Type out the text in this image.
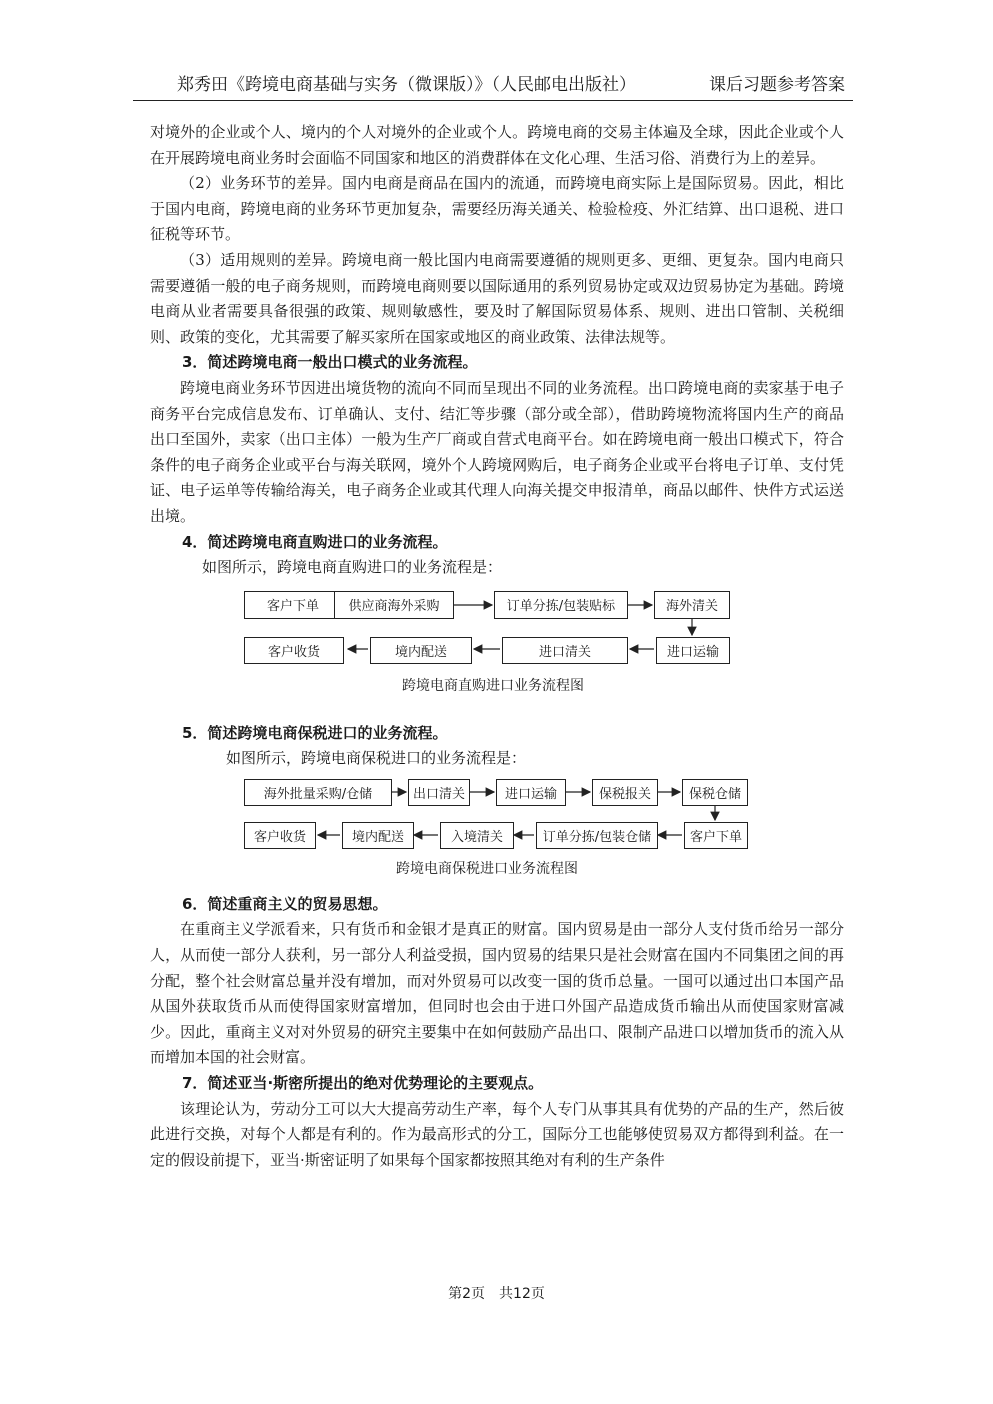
郑秀田《跨境电商基础与实务（微课版）》（人民邮电出版社）	课后习题参考答案

对境外的企业或个人、境内的个人对境外的企业或个人。跨境电商的交易主体遍及全球，因此企业或个人在开展跨境电商业务时会面临不同国家和地区的消费群体在文化心理、生活习俗、消费行为上的差异。

（2）业务环节的差异。国内电商是商品在国内的流通，而跨境电商实际上是国际贸易。因此，相比于国内电商，跨境电商的业务环节更加复杂，需要经历海关通关、检验检疫、外汇结算、出口退税、进口征税等环节。

（3）适用规则的差异。跨境电商一般比国内电商需要遵循的规则更多、更细、更复杂。国内电商只需要遵循一般的电子商务规则，而跨境电商则要以国际通用的系列贸易协定或双边贸易协定为基础。跨境电商从业者需要具备很强的政策、规则敏感性，要及时了解国际贸易体系、规则、进出口管制、关税细则、政策的变化，尤其需要了解买家所在国家或地区的商业政策、法律法规等。

3．简述跨境电商一般出口模式的业务流程。

跨境电商业务环节因进出境货物的流向不同而呈现出不同的业务流程。出口跨境电商的卖家基于电子商务平台完成信息发布、订单确认、支付、结汇等步骤（部分或全部），借助跨境物流将国内生产的商品出口至国外，卖家（出口主体）一般为生产厂商或自营式电商平台。如在跨境电商一般出口模式下，符合条件的电子商务企业或平台与海关联网，境外个人跨境网购后，电子商务企业或平台将电子订单、支付凭证、电子运单等传输给海关，电子商务企业或其代理人向海关提交申报清单，商品以邮件、快件方式运送出境。

4．简述跨境电商直购进口的业务流程。

如图所示，跨境电商直购进口的业务流程是：

客户下单	供应商海外采购	订单分拣/包装贴标	海外清关
客户收货	境内配送	进口清关	进口运输
跨境电商直购进口业务流程图

5．简述跨境电商保税进口的业务流程。

如图所示，跨境电商保税进口的业务流程是：

海外批量采购/仓储	出口清关	进口运输	保税报关	保税仓储
客户收货	境内配送	入境清关	订单分拣/包装仓储	客户下单
跨境电商保税进口业务流程图

6．简述重商主义的贸易思想。

在重商主义学派看来，只有货币和金银才是真正的财富。国内贸易是由一部分人支付货币给另一部分人，从而使一部分人获利，另一部分人利益受损，国内贸易的结果只是社会财富在国内不同集团之间的再分配，整个社会财富总量并没有增加，而对外贸易可以改变一国的货币总量。一国可以通过出口本国产品从国外获取货币从而使得国家财富增加，但同时也会由于进口外国产品造成货币输出从而使国家财富减少。因此，重商主义对对外贸易的研究主要集中在如何鼓励产品出口、限制产品进口以增加货币的流入从而增加本国的社会财富。

7．简述亚当·斯密所提出的绝对优势理论的主要观点。

该理论认为，劳动分工可以大大提高劳动生产率，每个人专门从事其具有优势的产品的生产，然后彼此进行交换，对每个人都是有利的。作为最高形式的分工，国际分工也能够使贸易双方都得到利益。在一定的假设前提下，亚当·斯密证明了如果每个国家都按照其绝对有利的生产条件

第2页　共12页
